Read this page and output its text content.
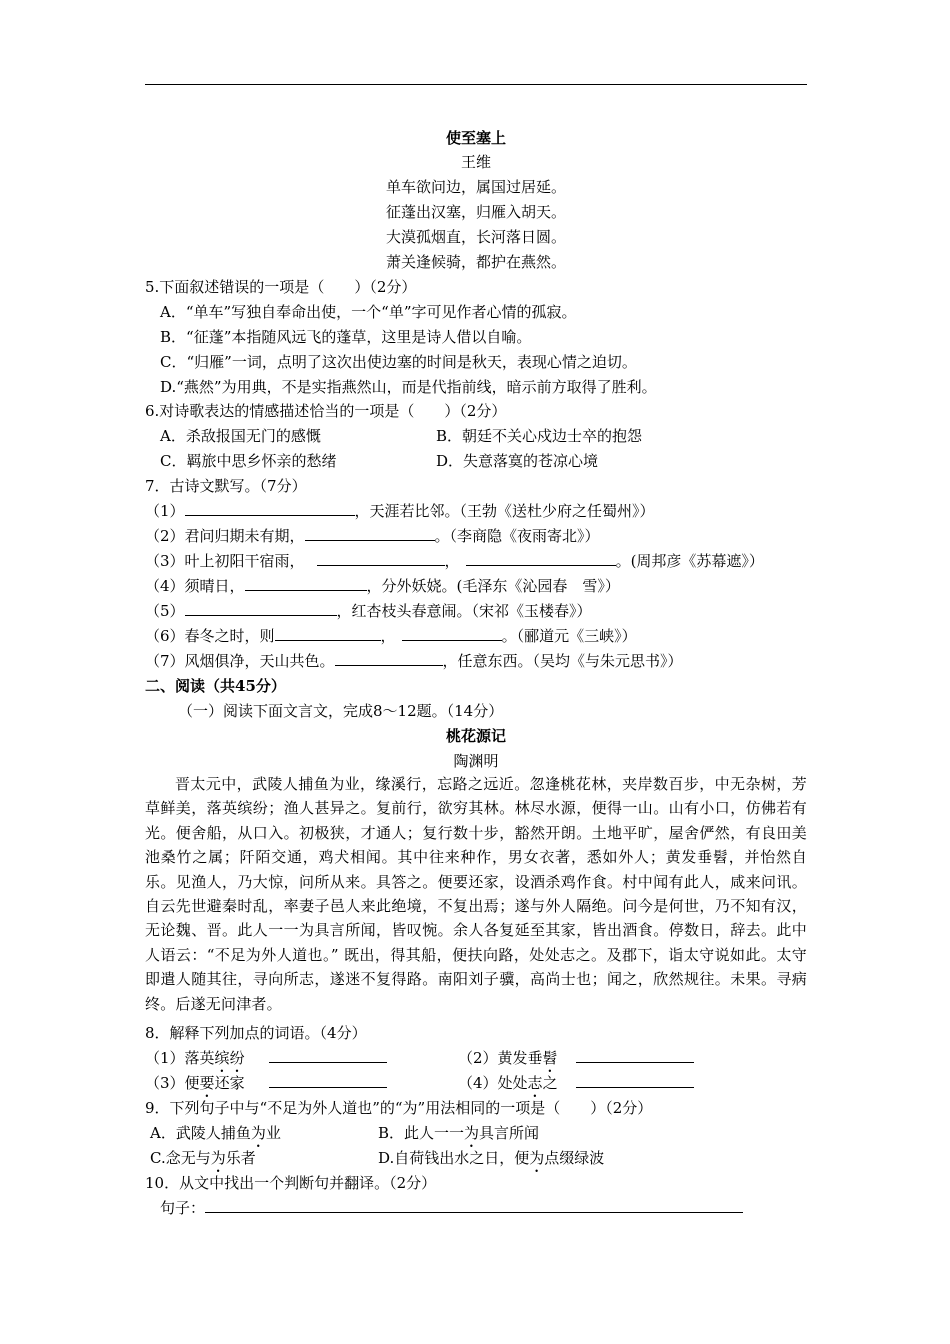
使至塞上
王维
单车欲问边，属国过居延。
征蓬出汉塞，归雁入胡天。
大漠孤烟直，长河落日圆。
萧关逢候骑，都护在燕然。
5.下面叙述错误的一项是（　　）（2分）
A．“单车”写独自奉命出使，一个“单”字可见作者心情的孤寂。
B．“征蓬”本指随风远飞的蓬草，这里是诗人借以自喻。
C．“归雁”一词，点明了这次出使边塞的时间是秋天，表现心情之迫切。
D.“燕然”为用典，不是实指燕然山，而是代指前线，暗示前方取得了胜利。
6.对诗歌表达的情感描述恰当的一项是（　　）（2分）
A．杀敌报国无门的感慨	B．朝廷不关心戍边士卒的抱怨
C．羁旅中思乡怀亲的愁绪	D．失意落寞的苍凉心境
7．古诗文默写。（7分）
（1）	，天涯若比邻。（王勃《送杜少府之任蜀州》）
（2）君问归期未有期，	。（李商隐《夜雨寄北》）
（3）叶上初阳干宿雨，	，	。(周邦彦《苏幕遮》）
（4）须晴日，	，分外妖娆。(毛泽东《沁园春　雪》）
（5）	，红杏枝头春意闹。（宋祁《玉楼春》）
（6）春冬之时，则	，	。（郦道元《三峡》）
（7）风烟俱净，天山共色。	，任意东西。（吴均《与朱元思书》）
二、阅读（共45分）
（一）阅读下面文言文，完成8～12题。（14分）
桃花源记
陶渊明
晋太元中，武陵人捕鱼为业，缘溪行，忘路之远近。忽逢桃花林，夹岸数百步，中无杂树，芳草鲜美，落英缤纷；渔人甚异之。复前行，欲穷其林。林尽水源，便得一山。山有小口，仿佛若有光。便舍船，从口入。初极狭，才通人；复行数十步，豁然开朗。土地平旷，屋舍俨然，有良田美池桑竹之属；阡陌交通，鸡犬相闻。其中往来种作，男女衣著，悉如外人；黄发垂髫，并怡然自乐。见渔人，乃大惊，问所从来。具答之。便要还家，设酒杀鸡作食。村中闻有此人，咸来问讯。自云先世避秦时乱，率妻子邑人来此绝境，不复出焉；遂与外人隔绝。问今是何世，乃不知有汉，无论魏、晋。此人一一为具言所闻，皆叹惋。余人各复延至其家，皆出酒食。停数日，辞去。此中人语云：“不足为外人道也。” 既出，得其船，便扶向路，处处志之。及郡下，诣太守说如此。太守即遣人随其往，寻向所志，遂迷不复得路。南阳刘子骥，高尚士也；闻之，欣然规往。未果。寻病终。后遂无问津者。
8．解释下列加点的词语。（4分）
（1）落英缤纷	（2）黄发垂髫
（3）便要还家	（4）处处志之
9．下列句子中与“不足为外人道也”的“为”用法相同的一项是（　　）（2分）
A．武陵人捕鱼为业	B．此人一一为具言所闻
C.念无与为乐者	D.自荷钱出水之日，便为点缀绿波
10．从文中找出一个判断句并翻译。（2分）
句子：
